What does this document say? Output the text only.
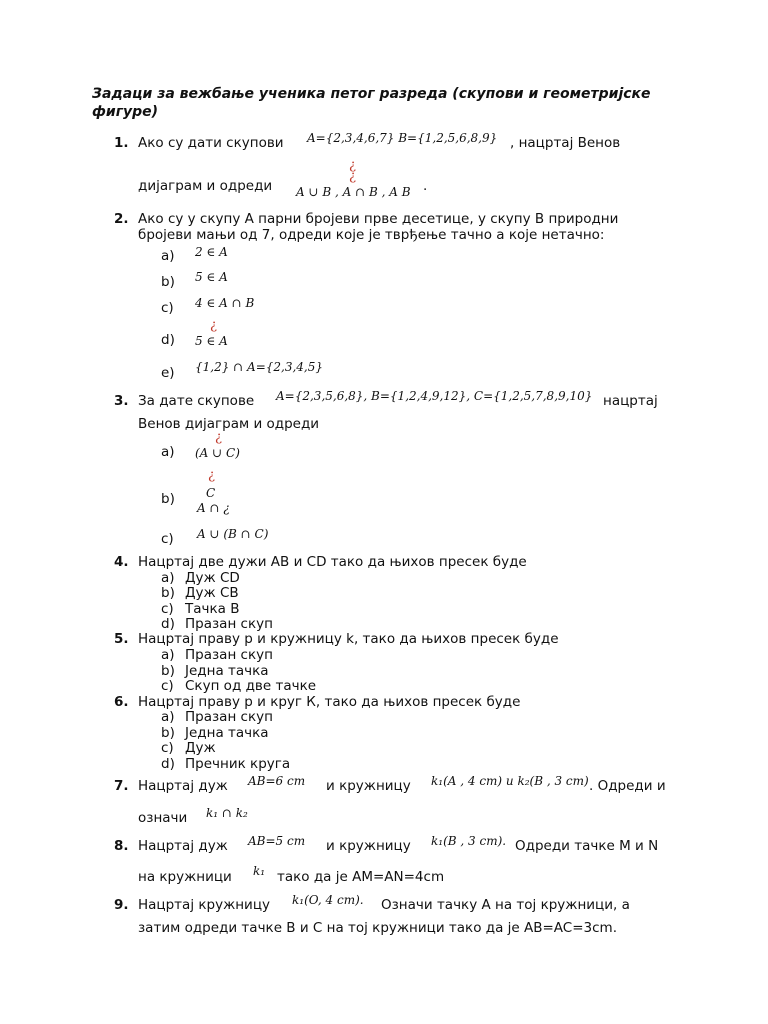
Задаци за вежбање ученика петог разреда (скупови и геометријске
фигуре)
1. Ако су дати скупови A={2,3,4,6,7} B={1,2,5,6,8,9} , нацртај Венов
¿
¿
дијаграм и одреди A ∪ B , A ∩ B , A B .
2. Ако су у скупу А парни бројеви прве десетице, у скупу В природни
бројеви мањи од 7, одреди које је тврђење тачно а које нетачно:
a) 2 ∈ A
b) 5 ∈ A
c) 4 ∈ A ∩ B
¿
d) 5 ∈ A
e) {1,2} ∩ A={2,3,4,5}
3. За дате скупове A={2,3,5,6,8}, B={1,2,4,9,12}, C={1,2,5,7,8,9,10} нацртај
Венов дијаграм и одреди
¿
a) (A ∪ C)
¿
C
b)
A ∩ ¿
c) A ∪ (B ∩ C)
4. Нацртај две дужи АВ и CD тако да њихов пресек буде
a) Дуж CD
b) Дуж CB
c) Тачка В
d) Празан скуп
5. Нацртај праву р и кружницу k, тако да њихов пресек буде
a) Празан скуп
b) Једна тачка
c) Скуп од две тачке
6. Нацртај праву р и круг К, тако да њихов пресек буде
a) Празан скуп
b) Једна тачка
c) Дуж
d) Пречник круга
7. Нацртај дуж AB=6 cm и кружницу k₁(A , 4 cm) u k₂(B , 3 cm) . Одреди и
означи k₁ ∩ k₂
8. Нацртај дуж AB=5 cm и кружницу k₁(B , 3 cm). Одреди тачке M и N
на кружници k₁ тако да је AM=AN=4cm
9. Нацртај кружницу k₁(O, 4 cm). Означи тачку А на тој кружници, а
затим одреди тачке В и С на тој кружници тако да је AB=AC=3cm.
